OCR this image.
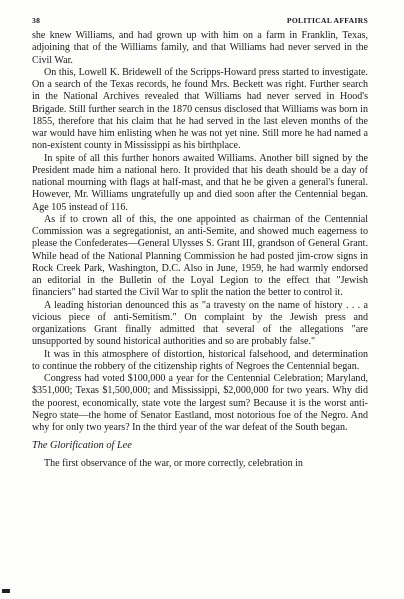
38	POLITICAL AFFAIRS

she knew Williams, and had grown up with him on a farm in Franklin, Texas, adjoining that of the Williams family, and that Williams had never served in the Civil War.

On this, Lowell K. Bridewell of the Scripps-Howard press started to investigate. On a search of the Texas records, he found Mrs. Beckett was right. Further search in the National Archives revealed that Williams had never served in Hood's Brigade. Still further search in the 1870 census disclosed that Williams was born in 1855, therefore that his claim that he had served in the last eleven months of the war would have him enlisting when he was not yet nine. Still more he had named a non-existent county in Mississippi as his birthplace.

In spite of all this further honors awaited Williams. Another bill signed by the President made him a national hero. It provided that his death should be a day of national mourning with flags at half-mast, and that he be given a general's funeral. However, Mr. Williams ungratefully up and died soon after the Centennial began. Age 105 instead of 116.

As if to crown all of this, the one appointed as chairman of the Centennial Commission was a segregationist, an anti-Semite, and showed much eagerness to please the Confederates—General Ulysses S. Grant III, grandson of General Grant. While head of the National Planning Commission he had posted jim-crow signs in Rock Creek Park, Washington, D.C. Also in June, 1959, he had warmly endorsed an editorial in the Bulletin of the Loyal Legion to the effect that "Jewish financiers" had started the Civil War to split the nation the better to control it.

A leading historian denounced this as "a travesty on the name of history . . . a vicious piece of anti-Semitism." On complaint by the Jewish press and organizations Grant finally admitted that several of the allegations "are unsupported by sound historical authorities and so are probably false."

It was in this atmosphere of distortion, historical falsehood, and determination to continue the robbery of the citizenship rights of Negroes the Centennial began.

Congress had voted $100,000 a year for the Centennial Celebration; Maryland, $351,000; Texas $1,500,000; and Mississippi, $2,000,000 for two years. Why did the poorest, economically, state vote the largest sum? Because it is the worst anti-Negro state—the home of Senator Eastland, most notorious foe of the Negro. And why for only two years? In the third year of the war defeat of the South began.

The Glorification of Lee

The first observance of the war, or more correctly, celebration in
